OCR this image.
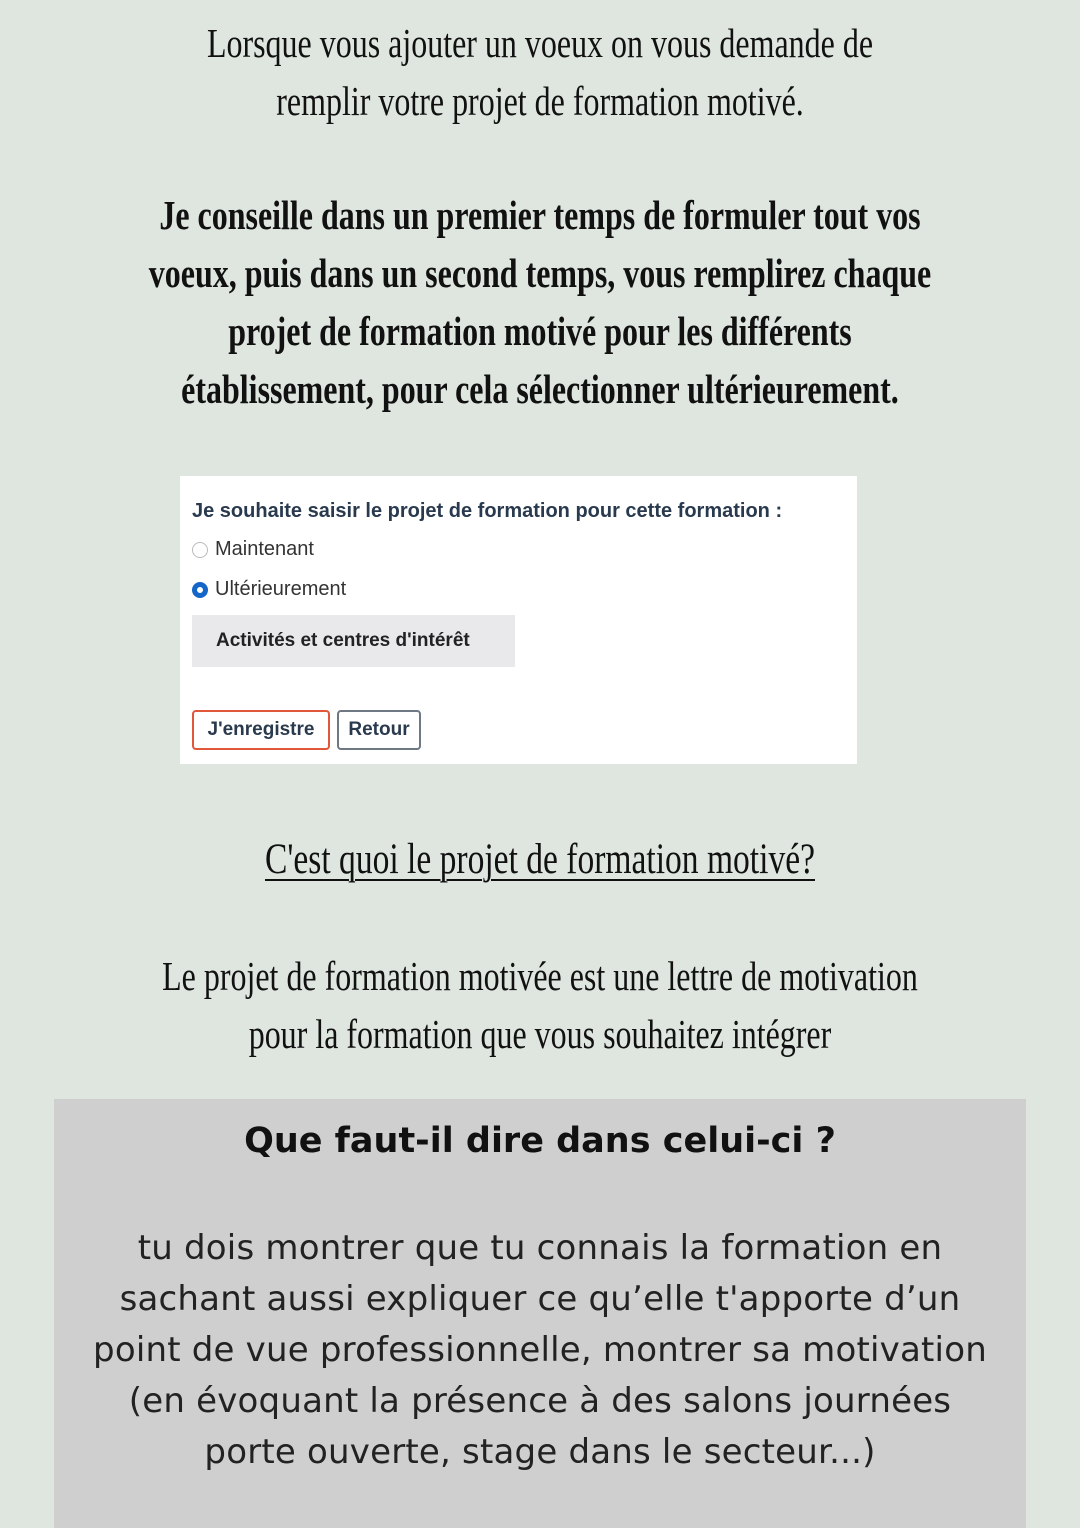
Lorsque vous ajouter un voeux on vous demande de
remplir votre projet de formation motivé.
Je conseille dans un premier temps de formuler tout vos
voeux, puis dans un second temps, vous remplirez chaque
projet de formation motivé pour les différents
établissement, pour cela sélectionner ultérieurement.
Je souhaite saisir le projet de formation pour cette formation :
Maintenant
Ultérieurement
Activités et centres d'intérêt
J'enregistre	Retour
C'est quoi le projet de formation motivé?
Le projet de formation motivée est une lettre de motivation
pour la formation que vous souhaitez intégrer
Que faut-il dire dans celui-ci ?
tu dois montrer que tu connais la formation en
sachant aussi expliquer ce qu’elle t'apporte d’un
point de vue professionnelle, montrer sa motivation
(en évoquant la présence à des salons journées
porte ouverte, stage dans le secteur...)
